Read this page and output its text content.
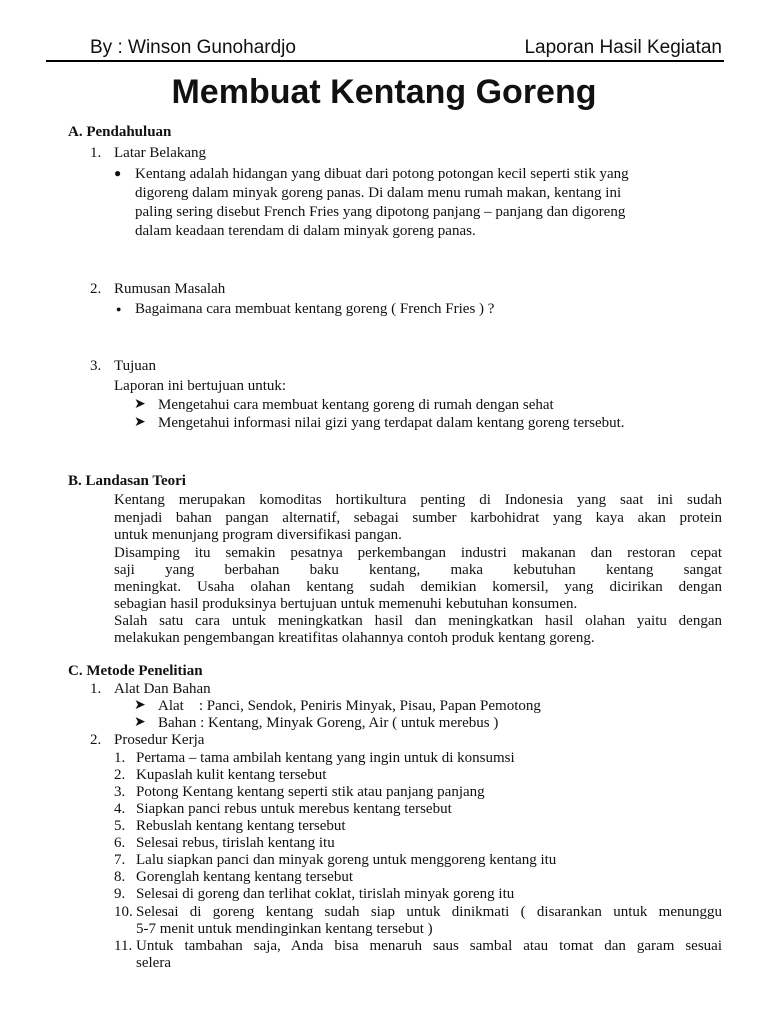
By : Winson Gunohardjo	Laporan Hasil Kegiatan
Membuat Kentang Goreng
A. Pendahuluan
1. Latar Belakang
● Kentang adalah hidangan yang dibuat dari potong potongan kecil seperti stik yang
digoreng dalam minyak goreng panas. Di dalam menu rumah makan, kentang ini
paling sering disebut French Fries yang dipotong panjang – panjang dan digoreng
dalam keadaan terendam di dalam minyak goreng panas.
2. Rumusan Masalah
● Bagaimana cara membuat kentang goreng ( French Fries ) ?
3. Tujuan
Laporan ini bertujuan untuk:
➤ Mengetahui cara membuat kentang goreng di rumah dengan sehat
➤ Mengetahui informasi nilai gizi yang terdapat dalam kentang goreng tersebut.
B. Landasan Teori
Kentang merupakan komoditas hortikultura penting di Indonesia yang saat ini sudah
menjadi bahan pangan alternatif, sebagai sumber karbohidrat yang kaya akan protein
untuk menunjang program diversifikasi pangan.
Disamping itu semakin pesatnya perkembangan industri makanan dan restoran cepat
saji yang berbahan baku kentang, maka kebutuhan kentang sangat
meningkat. Usaha olahan kentang sudah demikian komersil, yang dicirikan dengan
sebagian hasil produksinya bertujuan untuk memenuhi kebutuhan konsumen.
Salah satu cara untuk meningkatkan hasil dan meningkatkan hasil olahan yaitu dengan
melakukan pengembangan kreatifitas olahannya contoh produk kentang goreng.
C. Metode Penelitian
1. Alat Dan Bahan
➤ Alat    : Panci, Sendok, Peniris Minyak, Pisau, Papan Pemotong
➤ Bahan : Kentang, Minyak Goreng, Air ( untuk merebus )
2. Prosedur Kerja
1. Pertama – tama ambilah kentang yang ingin untuk di konsumsi
2. Kupaslah kulit kentang tersebut
3. Potong Kentang kentang seperti stik atau panjang panjang
4. Siapkan panci rebus untuk merebus kentang tersebut
5. Rebuslah kentang kentang tersebut
6. Selesai rebus, tirislah kentang itu
7. Lalu siapkan panci dan minyak goreng untuk menggoreng kentang itu
8. Gorenglah kentang kentang tersebut
9. Selesai di goreng dan terlihat coklat, tirislah minyak goreng itu
10. Selesai di goreng kentang sudah siap untuk dinikmati ( disarankan untuk menunggu
5-7 menit untuk mendinginkan kentang tersebut )
11. Untuk tambahan saja, Anda bisa menaruh saus sambal atau tomat dan garam sesuai
selera
